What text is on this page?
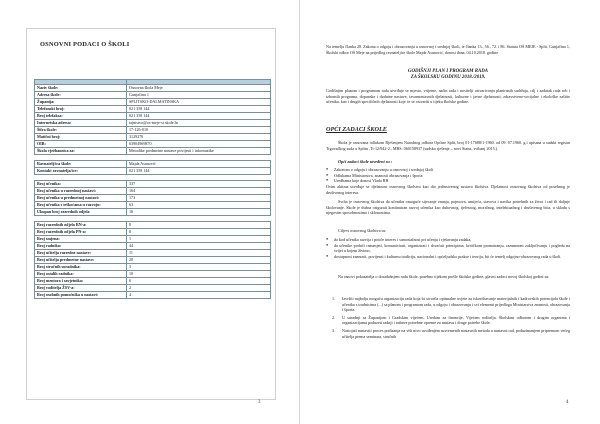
OSNOVNI PODACI O ŠKOLI

Naziv škole:	Osnovna škola Meje
Adresa škole:	Gunjačina 1
Županija:	SPLITSKO-DALMATINSKA
Telefonski broj:	021 358 144
Broj telefaksa:	021 358 144
Internetska adresa:	tajnistvo@os-meje-st.skole.hr
Šifra škole:	17-126-010
Matični broj:	3129276
OIB:	63904969870
Škola vježbaonica za:	Metodike predmetne nastave povijesti i informatike

Ravnatelj/ica škole:	Majda Asanović
Kontakt ravnatelja/ice:	021 358 144

Broj učenika:	337
Broj učenika u razrednoj nastavi:	164
Broj učenika u predmetnoj nastavi:	173
Broj učenika s teškoćama u razvoju:	63
Ukupan broj razrednih odjela	16

Broj razrednih odjela RN-a:	8
Broj razrednih odjela PN-a:	8
Broj smjena:	1
Broj radnika:	44
Broj učitelja razredne nastave:	11
Broj učitelja predmetne nastave:	20
Broj stručnih suradnika:	3
Broj ostalih radnika:	10
Broj mentora i savjetnika:	6
Broj voditelja ŽSV-a:	2
Broj osobnih pomoćnika u nastavi:	4
3	4
Na temelju članka 28. Zakona o odgoju i obrazovanju u osnovnoj i srednjoj školi, te članka 13., 56., 72. i 86. Statuta OŠ MEJE - Split, Gunjačina 1, Školski odbor OŠ Meje na prijedlog ravnateljice škole Majde Asanović, donosi dana, 04.10.2018. godine
GODIŠNJI PLAN I PROGRAM RADA
ZA ŠKOLSKU GODINU 2018./2019.
Godišnjim planom i programom rada utvrđuje se mjesto, vrijeme, način rada i nositelji ostvarivanja planiranih sadržaja, cilj i zadatak rada rob i izbornih programa, dopunske i dodatne nastave, izvannastavnih djelatnosti, kulturne i javne djelatnosti, zdravstveno-socijalne i ekološke zaštite učenika, kao i drugih specifičnih djelatnosti koje će se ostvariti u tijeku školske godine.
OPĆI ZADACI ŠKOLE
Škola je osnovana odlukom Rješenjem Narodnog odbora Općine Split, broj 01-17688/1-1960. od 09. 07.1960. g.i upisana u sudski registar Trgovačkog suda u Splitu ,Tt-12/942-2., MBS: 060158937 (sudsko rješenje – novi Statut, svibanj 2015.).
Opći zadaci škole utvrđeni su :
● Zakonom o odgoju i obrazovanju u osnovnoj i srednjoj školi
● Odlukama Ministarstva, znanosti obrazovanja i športa
● Uredbama koje donosi Vlada RH
Ovim aktima utvrđuje se djelatnost osnovnog školstva kao dio jedinstvenog sustava školstva. Djelatnost osnovnog školstva od posebnog je društvenog interesa.
Svrha je osnovnog školstva da učeniku omoguće stjecanje znanja, pojmova, umijeća, stavova i navika potrebnih za život i rad ili daljnje školovanje. Škole je dužna osigurati kontinuiran razvoj učenika kao duhovnog, tjelesnog, moralnog, intelektualnog i društvenog bića, u skladu s njegovim sposobnostima i sklonostima.
Ciljevi osnovnog školstva su:
● da kod učenika razvija i potiče interes i samostalnost pri učenju i rješavanju zadaka,
● da učenike poduči razumjeti, komunicirati, organizirati i shvaćati principima, kritičkom promatranju, razumnom zaključivanju i pogledu na svijet u kojem živimo,
● dostupnost znanosti, povijesni i kulturnu tradiciju, nacionalni i općeljudsko prakse i teoriju, bit će temelj odgojno-obrazovnog rada u školi.
Na osnovi pokazatelja o dosadašnjem radu škole, posebno tijekom prošle školske godine, glavni zadaci novoj školskoj godini su:
1. Izvršiti najbolju moguću organizaciju rada koja bi stvorila optimalne uvjete za iskorištavanje materijalnih i kadrovskih potencijala škole i učenika s trudnicima (...) sa planom i programom rada, u odgoju i obrazovanju i svi elementi prijedloga Ministarstva znanosti, obrazovanja i športa.
2. U suradnji sa Županijom i Gradskim vijećem, Uredom za financije, Vijećem roditelja, Školskim odborom i drugim organima i organizacijama poduzeti radnji i nabave potrebne opreme za nastavu i druge potrebe škole.
3. Nastojati nastaviti proces podizanja na viši nivo uvođenjem suvremenih nastavnih metoda u nastavni rad, poduzimanjem pripremom većeg učitelja prema seminara, stručnih
